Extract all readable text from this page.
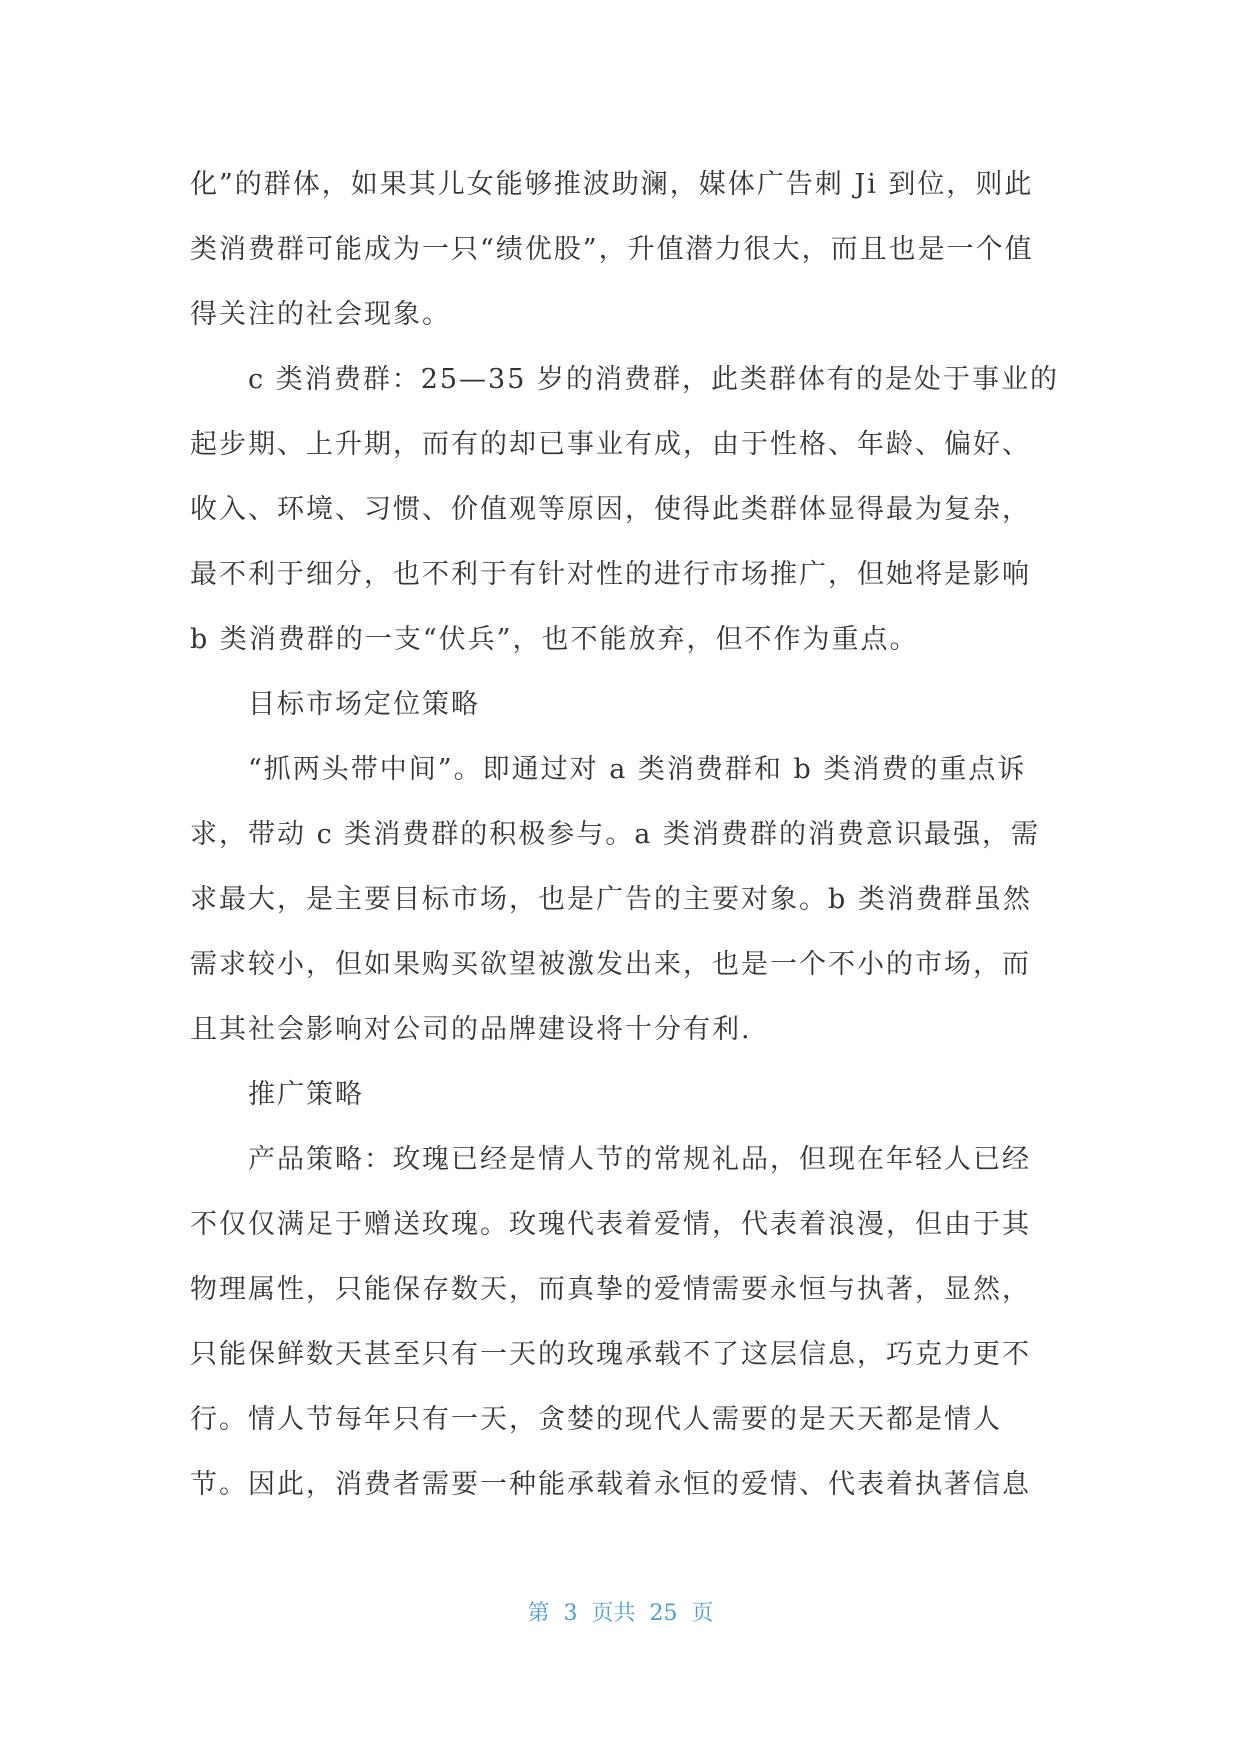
化”的群体，如果其儿女能够推波助澜，媒体广告刺 Ji 到位，则此
类消费群可能成为一只“绩优股”，升值潜力很大，而且也是一个值
得关注的社会现象。
c 类消费群：25—35 岁的消费群，此类群体有的是处于事业的
起步期、上升期，而有的却已事业有成，由于性格、年龄、偏好、
收入、环境、习惯、价值观等原因，使得此类群体显得最为复杂，
最不利于细分，也不利于有针对性的进行市场推广，但她将是影响
b 类消费群的一支“伏兵”，也不能放弃，但不作为重点。
目标市场定位策略
“抓两头带中间”。即通过对 a 类消费群和 b 类消费的重点诉
求，带动 c 类消费群的积极参与。a 类消费群的消费意识最强，需
求最大，是主要目标市场，也是广告的主要对象。b 类消费群虽然
需求较小，但如果购买欲望被激发出来，也是一个不小的市场，而
且其社会影响对公司的品牌建设将十分有利.
推广策略
产品策略：玫瑰已经是情人节的常规礼品，但现在年轻人已经
不仅仅满足于赠送玫瑰。玫瑰代表着爱情，代表着浪漫，但由于其
物理属性，只能保存数天，而真挚的爱情需要永恒与执著，显然，
只能保鲜数天甚至只有一天的玫瑰承载不了这层信息，巧克力更不
行。情人节每年只有一天，贪婪的现代人需要的是天天都是情人
节。因此，消费者需要一种能承载着永恒的爱情、代表着执著信息
第 3 页共 25 页
